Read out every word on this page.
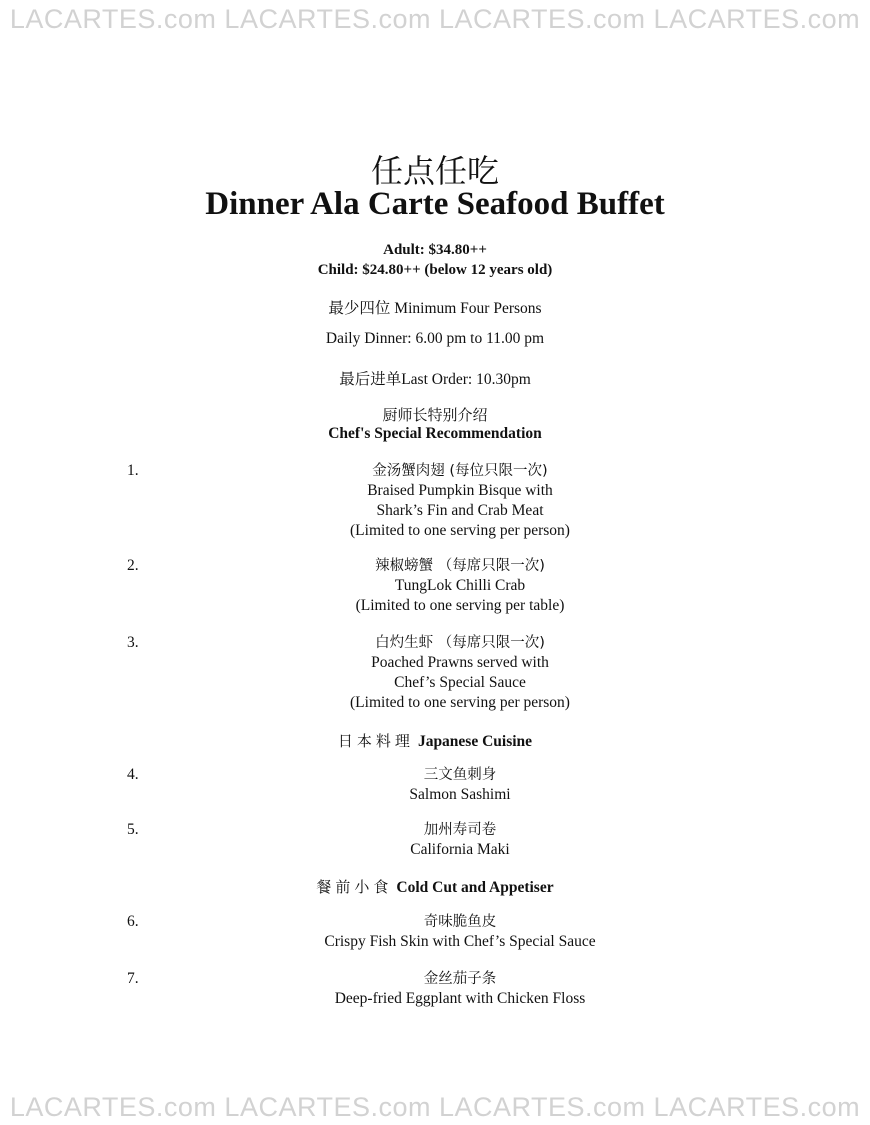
LACARTES.com LACARTES.com LACARTES.com LACARTES.com
任点任吃
Dinner Ala Carte Seafood Buffet
Adult: $34.80++
Child: $24.80++ (below 12 years old)
最少四位 Minimum Four Persons
Daily Dinner: 6.00 pm to 11.00 pm
最后进单Last Order: 10.30pm
厨师长特别介绍
Chef's Special Recommendation
1.	金汤蟹肉翅 (每位只限一次)
Braised Pumpkin Bisque with
Shark’s Fin and Crab Meat
(Limited to one serving per person)
2.	辣椒螃蟹 （每席只限一次)
TungLok Chilli Crab
(Limited to one serving per table)
3.	白灼生虾 （每席只限一次)
Poached Prawns served with
Chef’s Special Sauce
(Limited to one serving per person)
日本料理 Japanese Cuisine
4.	三文鱼刺身
Salmon Sashimi
5.	加州寿司卷
California Maki
餐前小食 Cold Cut and Appetiser
6.	奇味脆鱼皮
Crispy Fish Skin with Chef’s Special Sauce
7.	金丝茄子条
Deep-fried Eggplant with Chicken Floss
LACARTES.com LACARTES.com LACARTES.com LACARTES.com
